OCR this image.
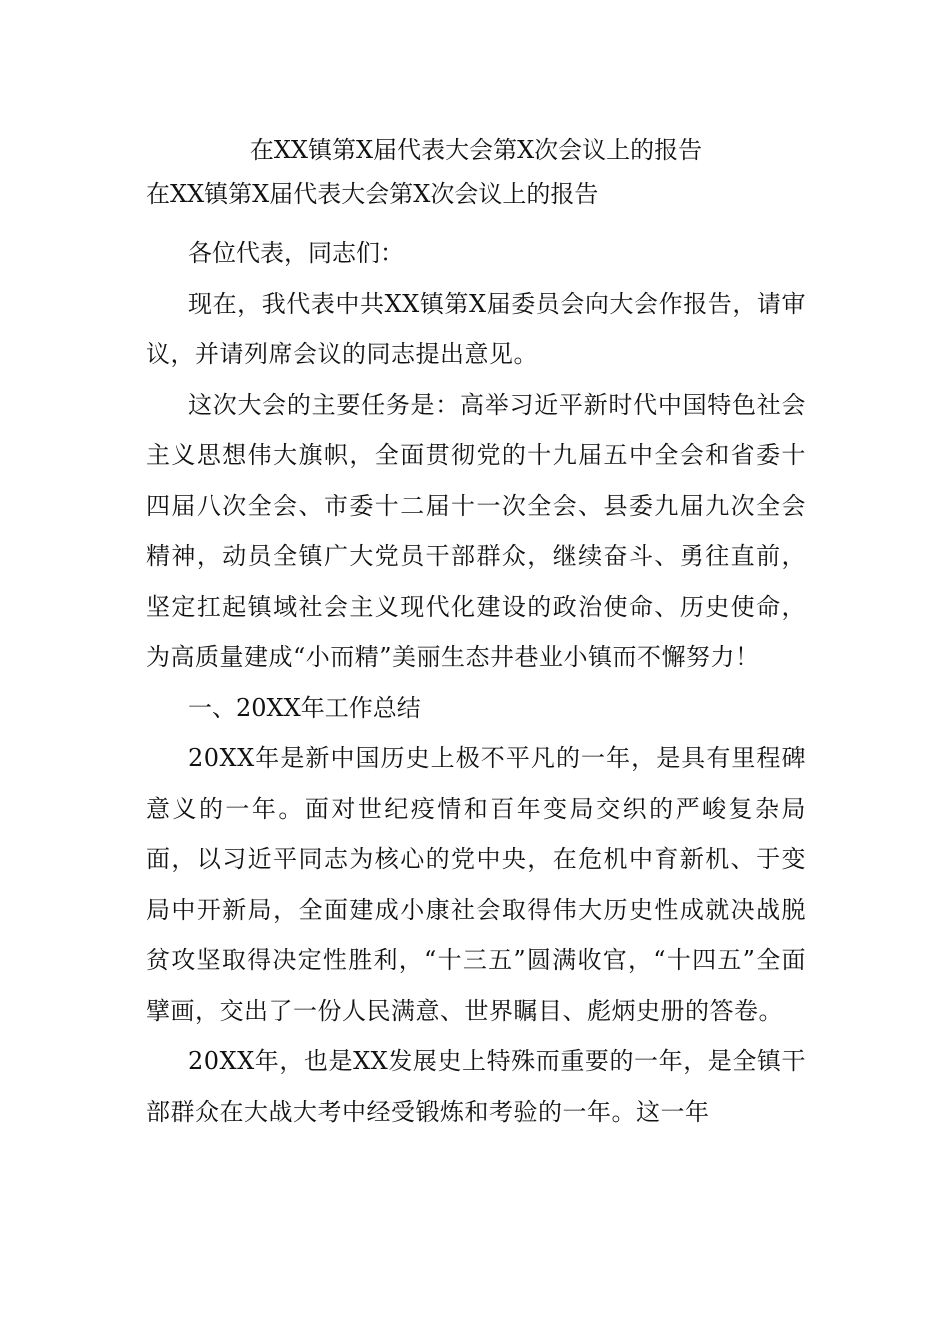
在XX镇第X届代表大会第X次会议上的报告

在XX镇第X届代表大会第X次会议上的报告

各位代表，同志们：

现在，我代表中共XX镇第X届委员会向大会作报告，请审议，并请列席会议的同志提出意见。

这次大会的主要任务是：高举习近平新时代中国特色社会主义思想伟大旗帜，全面贯彻党的十九届五中全会和省委十四届八次全会、市委十二届十一次全会、县委九届九次全会精神，动员全镇广大党员干部群众，继续奋斗、勇往直前，坚定扛起镇域社会主义现代化建设的政治使命、历史使命，为高质量建成“小而精”美丽生态井巷业小镇而不懈努力！

一、20XX年工作总结

20XX年是新中国历史上极不平凡的一年，是具有里程碑意义的一年。面对世纪疫情和百年变局交织的严峻复杂局面，以习近平同志为核心的党中央，在危机中育新机、于变局中开新局，全面建成小康社会取得伟大历史性成就决战脱贫攻坚取得决定性胜利，“十三五”圆满收官，“十四五”全面擘画，交出了一份人民满意、世界瞩目、彪炳史册的答卷。

20XX年，也是XX发展史上特殊而重要的一年，是全镇干部群众在大战大考中经受锻炼和考验的一年。这一年
